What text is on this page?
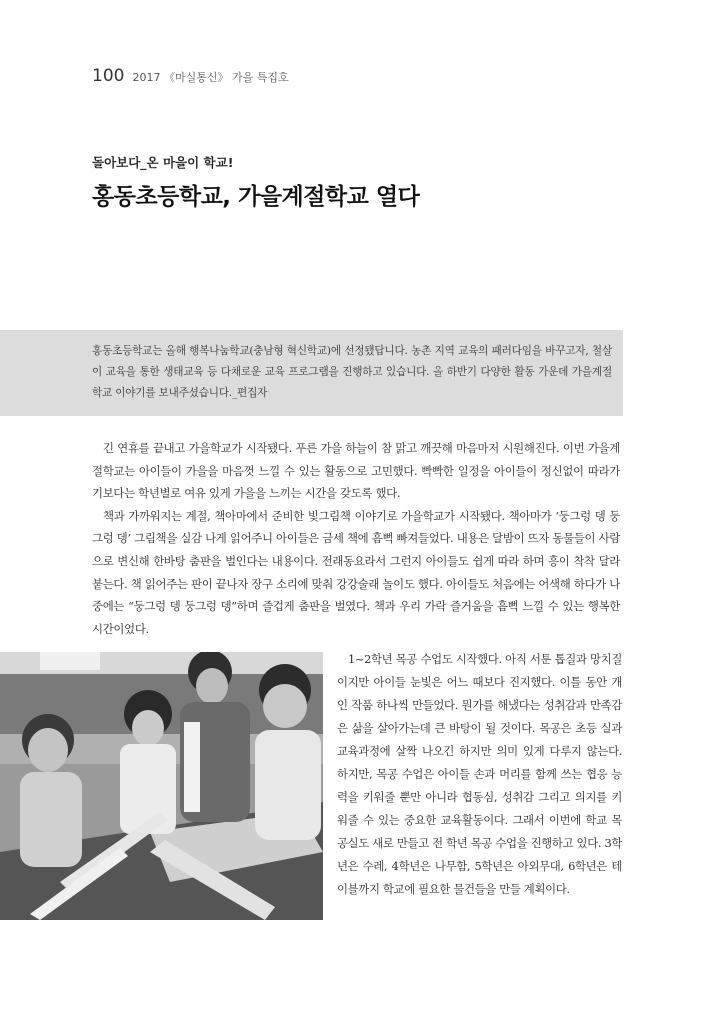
100 2017 《마실통신》 가을 특집호
돌아보다_온 마을이 학교!
홍동초등학교, 가을계절학교 열다

홍동초등학교는 올해 행복나눔학교(충남형 혁신학교)에 선정됐답니다. 농촌 지역 교육의 패러다임을 바꾸고자, 철살이 교육을 통한 생태교육 등 다채로운 교육 프로그램을 진행하고 있습니다. 올 하반기 다양한 활동 가운데 가을계절학교 이야기를 보내주셨습니다._편집자

긴 연휴를 끝내고 가을학교가 시작됐다. 푸른 가을 하늘이 참 맑고 깨끗해 마음마저 시원해진다. 이번 가을계절학교는 아이들이 가을을 마음껏 느낄 수 있는 활동으로 고민했다. 빡빡한 일정을 아이들이 정신없이 따라가기보다는 학년별로 여유 있게 가을을 느끼는 시간을 갖도록 했다.

책과 가까워지는 계절, 책아마에서 준비한 빛그림책 이야기로 가을학교가 시작됐다. 책아마가 ‘둥그렁 뎅 둥그렁 뎅’ 그림책을 실감 나게 읽어주니 아이들은 금세 책에 흠뻑 빠져들었다. 내용은 달밤이 뜨자 동물들이 사람으로 변신해 한바탕 춤판을 벌인다는 내용이다. 전래동요라서 그런지 아이들도 쉽게 따라 하며 흥이 착착 달라붙는다. 책 읽어주는 판이 끝나자 장구 소리에 맞춰 강강술래 놀이도 했다. 아이들도 처음에는 어색해 하다가 나중에는 “둥그렁 뎅 둥그렁 뎅”하며 즐겁게 춤판을 벌였다. 책과 우리 가락 즐거움을 흠뻑 느낄 수 있는 행복한 시간이었다.

1~2학년 목공 수업도 시작했다. 아직 서툰 톱질과 망치질이지만 아이들 눈빛은 어느 때보다 진지했다. 이틀 동안 개인 작품 하나씩 만들었다. 뭔가를 해냈다는 성취감과 만족감은 삶을 살아가는데 큰 바탕이 될 것이다. 목공은 초등 실과 교육과정에 살짝 나오긴 하지만 의미 있게 다루지 않는다. 하지만, 목공 수업은 아이들 손과 머리를 함께 쓰는 협응 능력을 키워줄 뿐만 아니라 협동심, 성취감 그리고 의지를 키워줄 수 있는 중요한 교육활동이다. 그래서 이번에 학교 목공실도 새로 만들고 전 학년 목공 수업을 진행하고 있다. 3학년은 수레, 4학년은 나무함, 5학년은 아외무대, 6학년은 테이블까지 학교에 필요한 물건들을 만들 계획이다.
